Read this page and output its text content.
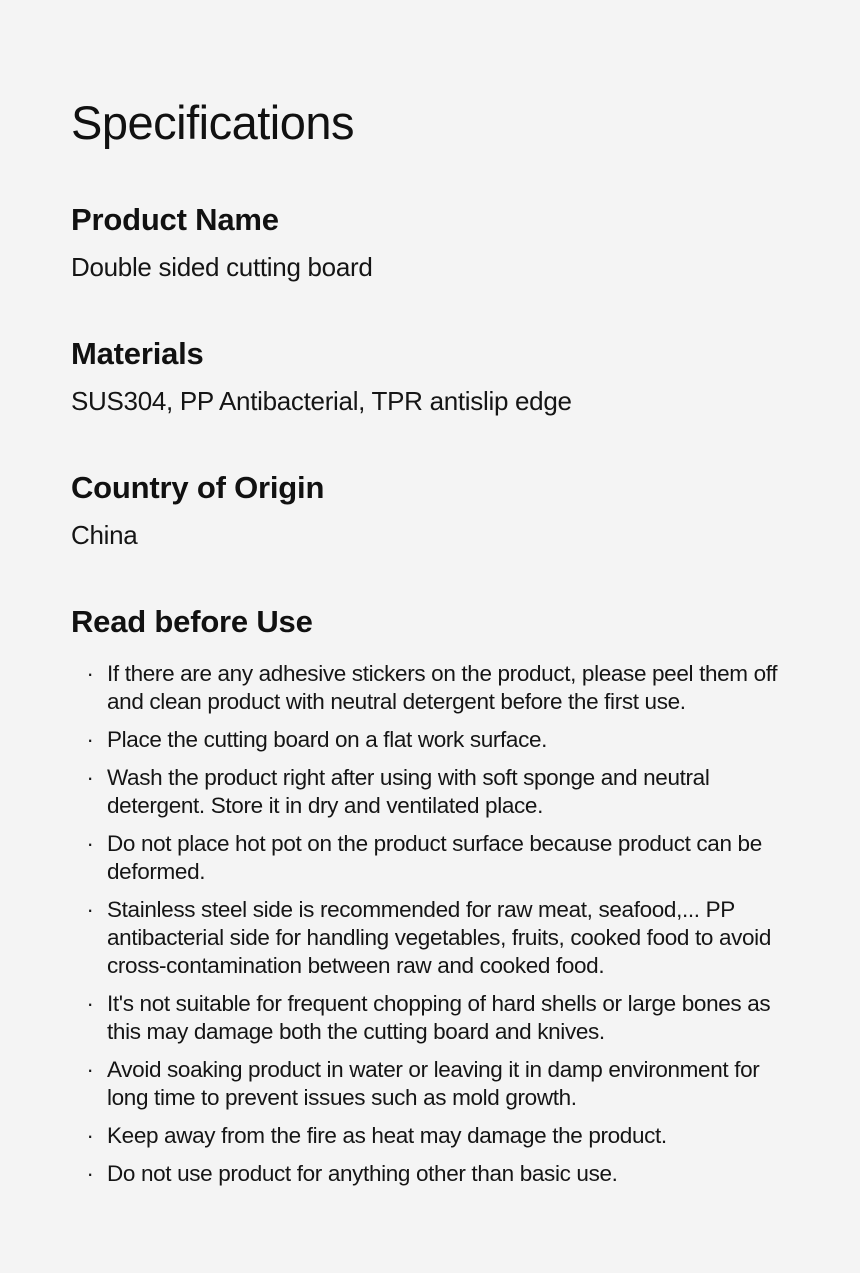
Specifications
Product Name

Double sided cutting board

Materials

SUS304, PP Antibacterial, TPR antislip edge

Country of Origin

China

Read before Use
· If there are any adhesive stickers on the product, please peel them off and clean product with neutral detergent before the first use.
· Place the cutting board on a flat work surface.
· Wash the product right after using with soft sponge and neutral detergent. Store it in dry and ventilated place.
· Do not place hot pot on the product surface because product can be deformed.
· Stainless steel side is recommended for raw meat, seafood,... PP antibacterial side for handling vegetables, fruits, cooked food to avoid cross-contamination between raw and cooked food.
· It's not suitable for frequent chopping of hard shells or large bones as this may damage both the cutting board and knives.
· Avoid soaking product in water or leaving it in damp environment for long time to prevent issues such as mold growth.
· Keep away from the fire as heat may damage the product.
· Do not use product for anything other than basic use.
